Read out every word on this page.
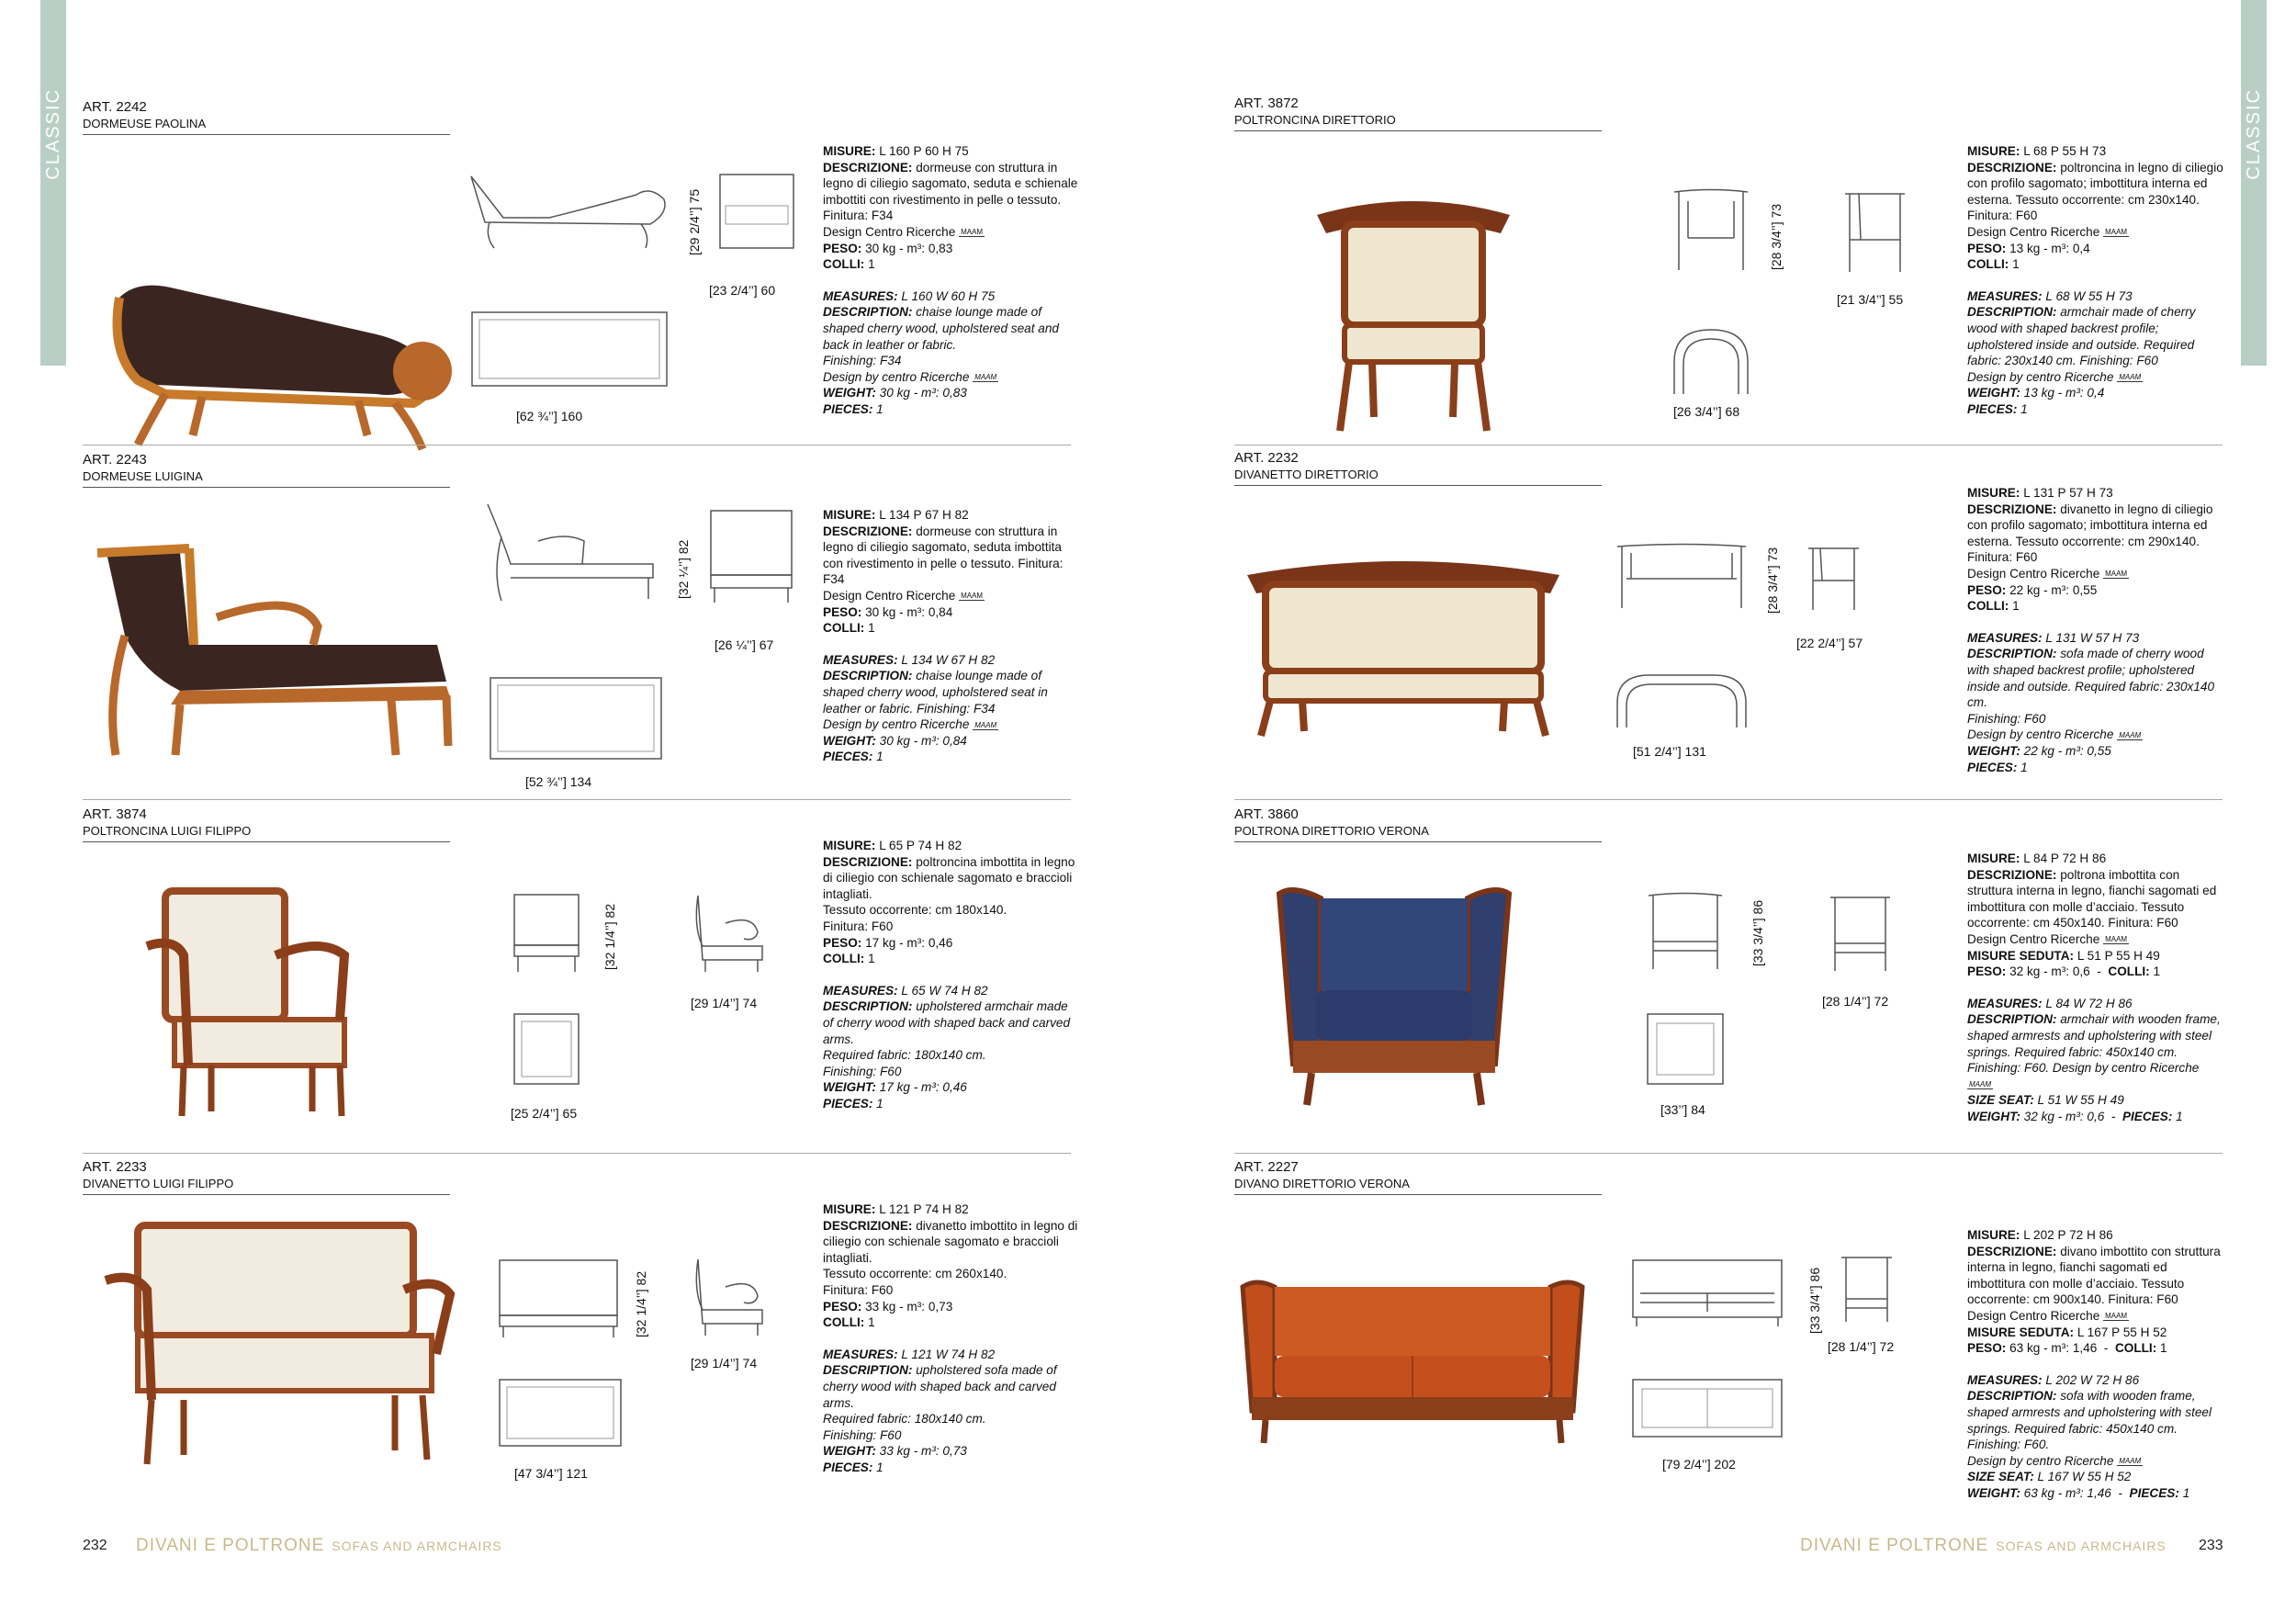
CLASSIC	CLASSIC
ART. 2242
DORMEUSE PAOLINA
[29 2/4’’] 75
[23 2/4’’] 60
[62 ¾’’] 160

MISURE: L 160 P 60 H 75

DESCRIZIONE: dormeuse con struttura in legno di ciliegio sagomato, seduta e schienale imbottiti con rivestimento in pelle o tessuto. Finitura: F34

Design Centro Ricerche MAAM

PESO: 30 kg - m³: 0,83

COLLI: 1

MEASURES: L 160 W 60 H 75

DESCRIPTION: chaise lounge made of shaped cherry wood, upholstered seat and back in leather or fabric.

Finishing: F34

Design by centro Ricerche MAAM

WEIGHT: 30 kg - m³: 0,83

PIECES: 1

ART. 2243
DORMEUSE LUIGINA
[32 ¼’’] 82
[26 ¼’’] 67
[52 ¾’’] 134

MISURE: L 134 P 67 H 82

DESCRIZIONE: dormeuse con struttura in legno di ciliegio sagomato, seduta imbottita con rivestimento in pelle o tessuto. Finitura: F34

Design Centro Ricerche MAAM

PESO: 30 kg - m³: 0,84

COLLI: 1

MEASURES: L 134 W 67 H 82

DESCRIPTION: chaise lounge made of shaped cherry wood, upholstered seat in leather or fabric. Finishing: F34

Design by centro Ricerche MAAM

WEIGHT: 30 kg - m³: 0,84

PIECES: 1

ART. 3874
POLTRONCINA LUIGI FILIPPO
[32 1/4’’] 82
[29 1/4’’] 74
[25 2/4’’] 65

MISURE: L 65 P 74 H 82

DESCRIZIONE: poltroncina imbottita in legno di ciliegio con schienale sagomato e braccioli intagliati.

Tessuto occorrente: cm 180x140.

Finitura: F60

PESO: 17 kg - m³: 0,46

COLLI: 1

MEASURES: L 65 W 74 H 82

DESCRIPTION: upholstered armchair made of cherry wood with shaped back and carved arms.

Required fabric: 180x140 cm.

Finishing: F60

WEIGHT: 17 kg - m³: 0,46

PIECES: 1

ART. 2233
DIVANETTO LUIGI FILIPPO
[32 1/4’’] 82
[29 1/4’’] 74
[47 3/4’’] 121

MISURE: L 121 P 74 H 82

DESCRIZIONE: divanetto imbottito in legno di ciliegio con schienale sagomato e braccioli intagliati.

Tessuto occorrente: cm 260x140.

Finitura: F60

PESO: 33 kg - m³: 0,73

COLLI: 1

MEASURES: L 121 W 74 H 82

DESCRIPTION: upholstered sofa made of cherry wood with shaped back and carved arms.

Required fabric: 180x140 cm.

Finishing: F60

WEIGHT: 33 kg - m³: 0,73

PIECES: 1

ART. 3872
POLTRONCINA DIRETTORIO
[28 3/4’’] 73
[21 3/4’’] 55
[26 3/4’’] 68

MISURE: L 68 P 55 H 73

DESCRIZIONE: poltroncina in legno di ciliegio con profilo sagomato; imbottitura interna ed esterna. Tessuto occorrente: cm 230x140. Finitura: F60

Design Centro Ricerche MAAM

PESO: 13 kg - m³: 0,4

COLLI: 1

MEASURES: L 68 W 55 H 73

DESCRIPTION: armchair made of cherry wood with shaped backrest profile; upholstered inside and outside. Required fabric: 230x140 cm. Finishing: F60

Design by centro Ricerche MAAM

WEIGHT: 13 kg - m³: 0,4

PIECES: 1

ART. 2232
DIVANETTO DIRETTORIO
[28 3/4’’] 73
[22 2/4’’] 57
[51 2/4’’] 131

MISURE: L 131 P 57 H 73

DESCRIZIONE: divanetto in legno di ciliegio con profilo sagomato; imbottitura interna ed esterna. Tessuto occorrente: cm 290x140. Finitura: F60

Design Centro Ricerche MAAM

PESO: 22 kg - m³: 0,55

COLLI: 1

MEASURES: L 131 W 57 H 73

DESCRIPTION: sofa made of cherry wood with shaped backrest profile; upholstered inside and outside. Required fabric: 230x140 cm.

Finishing: F60

Design by centro Ricerche MAAM

WEIGHT: 22 kg - m³: 0,55

PIECES: 1

ART. 3860
POLTRONA DIRETTORIO VERONA
[33 3/4’’] 86
[28 1/4’’] 72
[33’’] 84

MISURE: L 84 P 72 H 86

DESCRIZIONE: poltrona imbottita con struttura interna in legno, fianchi sagomati ed imbottitura con molle d’acciaio. Tessuto occorrente: cm 450x140. Finitura: F60

Design Centro Ricerche MAAM

MISURE SEDUTA: L 51 P 55 H 49

PESO: 32 kg - m³: 0,6  -  COLLI: 1

MEASURES: L 84 W 72 H 86

DESCRIPTION: armchair with wooden frame, shaped armrests and upholstering with steel springs. Required fabric: 450x140 cm. Finishing: F60. Design by centro Ricerche MAAM

SIZE SEAT: L 51 W 55 H 49

WEIGHT: 32 kg - m³: 0,6  -  PIECES: 1

ART. 2227
DIVANO DIRETTORIO VERONA
[33 3/4’’] 86
[28 1/4’’] 72
[79 2/4’’] 202

MISURE: L 202 P 72 H 86

DESCRIZIONE: divano imbottito con struttura interna in legno, fianchi sagomati ed imbottitura con molle d’acciaio. Tessuto occorrente: cm 900x140. Finitura: F60

Design Centro Ricerche MAAM

MISURE SEDUTA: L 167 P 55 H 52

PESO: 63 kg - m³: 1,46  -  COLLI: 1

MEASURES: L 202 W 72 H 86

DESCRIPTION: sofa with wooden frame, shaped armrests and upholstering with steel springs. Required fabric: 450x140 cm. Finishing: F60.

Design by centro Ricerche MAAM

SIZE SEAT: L 167 W 55 H 52

WEIGHT: 63 kg - m³: 1,46  -  PIECES: 1

232 DIVANI E POLTRONE SOFAS AND ARMCHAIRS	DIVANI E POLTRONE SOFAS AND ARMCHAIRS 233
